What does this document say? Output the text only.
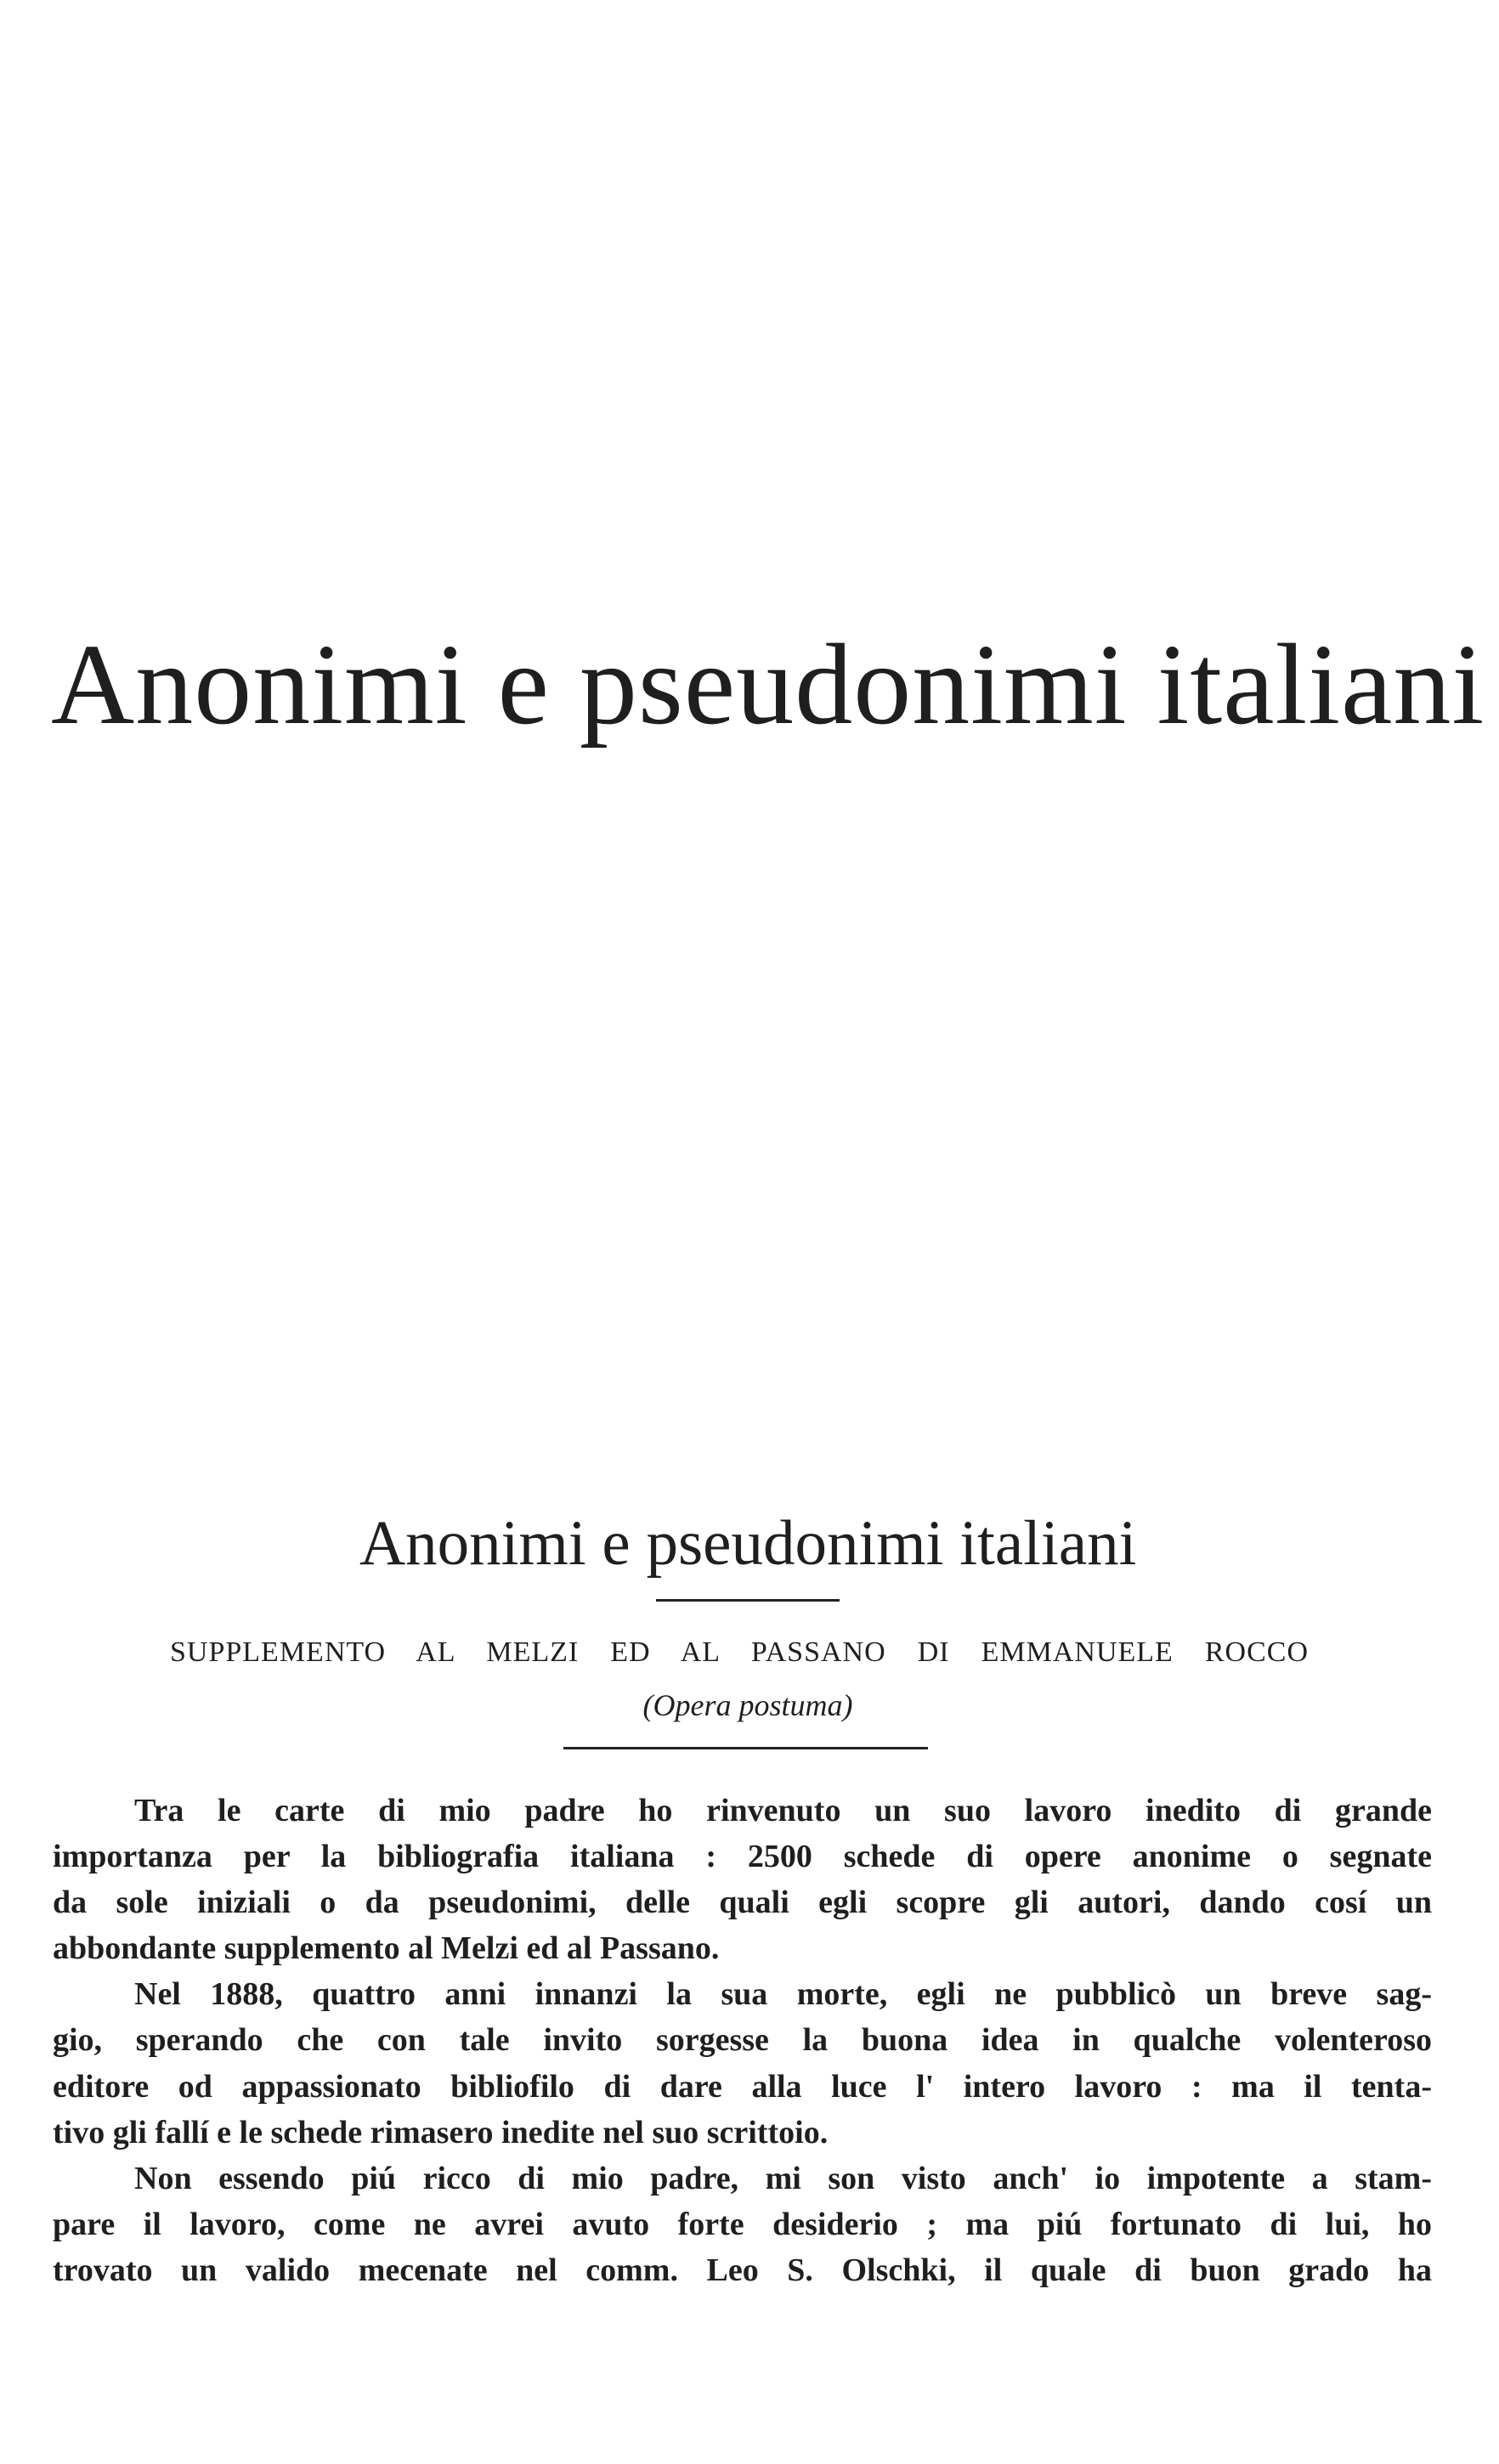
Anonimi e pseudonimi italiani
Anonimi e pseudonimi italiani
SUPPLEMENTO AL MELZI ED AL PASSANO DI EMMANUELE ROCCO
(Opera postuma)
Tra le carte di mio padre ho rinvenuto un suo lavoro inedito di grande
importanza per la bibliografia italiana : 2500 schede di opere anonime o segnate
da sole iniziali o da pseudonimi, delle quali egli scopre gli autori, dando cosí un
abbondante supplemento al Melzi ed al Passano.
Nel 1888, quattro anni innanzi la sua morte, egli ne pubblicò un breve sag-
gio, sperando che con tale invito sorgesse la buona idea in qualche volenteroso
editore od appassionato bibliofilo di dare alla luce l' intero lavoro : ma il tenta-
tivo gli fallí e le schede rimasero inedite nel suo scrittoio.
Non essendo piú ricco di mio padre, mi son visto anch' io impotente a stam-
pare il lavoro, come ne avrei avuto forte desiderio ; ma piú fortunato di lui, ho
trovato un valido mecenate nel comm. Leo S. Olschki, il quale di buon grado ha
